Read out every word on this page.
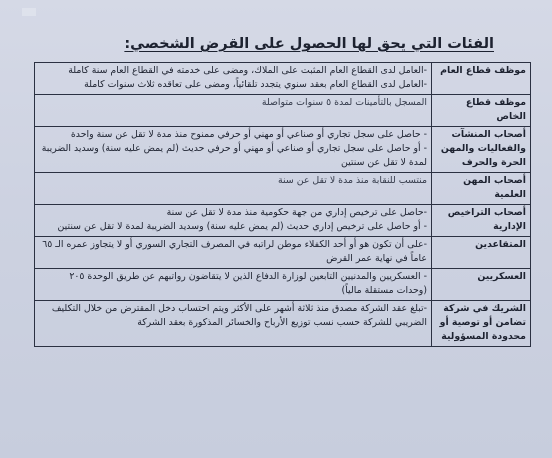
الفئات التي يحق لها الحصول على القرض الشخصي:
موظف قطاع العام	-العامل لدى القطاع العام المثبت على الملاك، ومضى على خدمته في القطاع العام سنة كاملة
-العامل لدى القطاع العام بعقد سنوي يتجدد تلقائياً، ومضى على تعاقده ثلاث سنوات كاملة

موظف قطاع الخاص	المسجل بالتأمينات لمدة ٥ سنوات متواصلة

أصحاب المنشآت والفعاليات والمهن الحرة والحرف	- حاصل على سجل تجاري أو صناعي أو مهني أو حرفي ممنوح منذ مدة لا تقل عن سنة واحدة
- أو حاصل على سجل تجاري أو صناعي أو مهني أو حرفي حديث (لم يمض عليه سنة) وسديد الضريبة لمدة لا تقل عن سنتين

أصحاب المهن العلمية	منتسب للنقابة منذ مدة لا تقل عن سنة

أصحاب التراخيص الإدارية	-حاصل على ترخيص إداري من جهة حكومية منذ مدة لا تقل عن سنة
- أو حاصل على ترخيص إداري حديث (لم يمض عليه سنة) وسديد الضريبة لمدة لا تقل عن سنتين

المتقاعدين	-على أن تكون هو أو أحد الكفلاء موطن لراتبه في المصرف التجاري السوري أو لا يتجاوز عمره الـ ٦٥ عاماً في نهاية عمر القرض

العسكريين	- العسكريين والمدنيين التابعين لوزارة الدفاع الذين لا يتقاضون رواتبهم عن طريق الوحدة ٢٠٥ (وحدات مستقلة مالياً)

الشريك في شركة تضامن أو توصية أو محدودة المسؤولية	-تبلغ عقد الشركة مصدق منذ ثلاثة أشهر على الأكثر ويتم احتساب دخل المقترض من خلال التكليف الضريبي للشركة حسب نسب توزيع الأرباح والخسائر المذكورة بعقد الشركة
